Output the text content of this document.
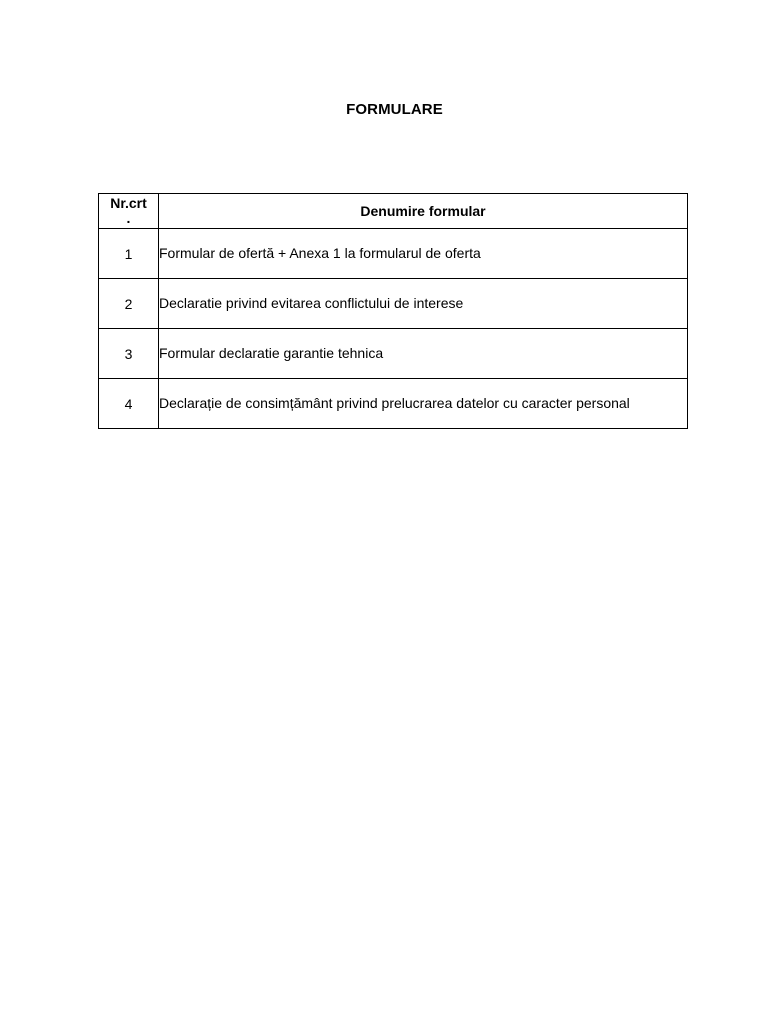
FORMULARE
Nr.crt
.	Denumire formular
1	Formular de ofertă + Anexa 1 la formularul de oferta
2	Declaratie privind evitarea conflictului de interese
3	Formular declaratie garantie tehnica
4	Declarație de consimțământ privind prelucrarea datelor cu caracter personal
